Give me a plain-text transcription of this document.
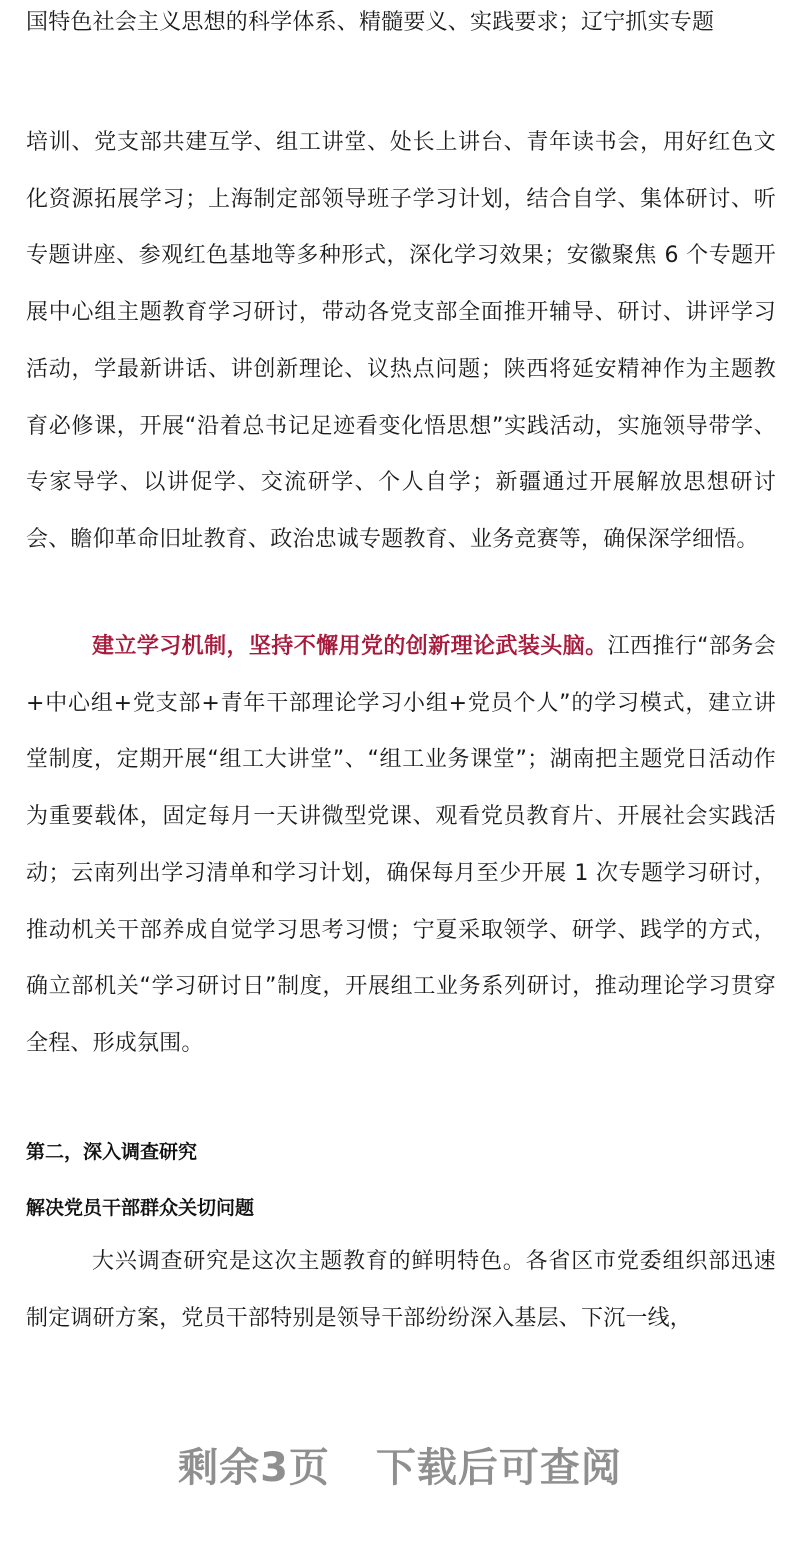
国特色社会主义思想的科学体系、精髓要义、实践要求；辽宁抓实专题

培训、党支部共建互学、组工讲堂、处长上讲台、青年读书会，用好红色文化资源拓展学习；上海制定部领导班子学习计划，结合自学、集体研讨、听专题讲座、参观红色基地等多种形式，深化学习效果；安徽聚焦 6 个专题开展中心组主题教育学习研讨，带动各党支部全面推开辅导、研讨、讲评学习活动，学最新讲话、讲创新理论、议热点问题；陕西将延安精神作为主题教育必修课，开展“沿着总书记足迹看变化悟思想”实践活动，实施领导带学、专家导学、以讲促学、交流研学、个人自学；新疆通过开展解放思想研讨会、瞻仰革命旧址教育、政治忠诚专题教育、业务竞赛等，确保深学细悟。

建立学习机制，坚持不懈用党的创新理论武装头脑。江西推行“部务会+中心组+党支部+青年干部理论学习小组+党员个人”的学习模式，建立讲堂制度，定期开展“组工大讲堂”、“组工业务课堂”；湖南把主题党日活动作为重要载体，固定每月一天讲微型党课、观看党员教育片、开展社会实践活动；云南列出学习清单和学习计划，确保每月至少开展 1 次专题学习研讨，推动机关干部养成自觉学习思考习惯；宁夏采取领学、研学、践学的方式，确立部机关“学习研讨日”制度，开展组工业务系列研讨，推动理论学习贯穿全程、形成氛围。

第二，深入调查研究
解决党员干部群众关切问题

大兴调查研究是这次主题教育的鲜明特色。各省区市党委组织部迅速制定调研方案，党员干部特别是领导干部纷纷深入基层、下沉一线，

剩余3页 下载后可查阅
